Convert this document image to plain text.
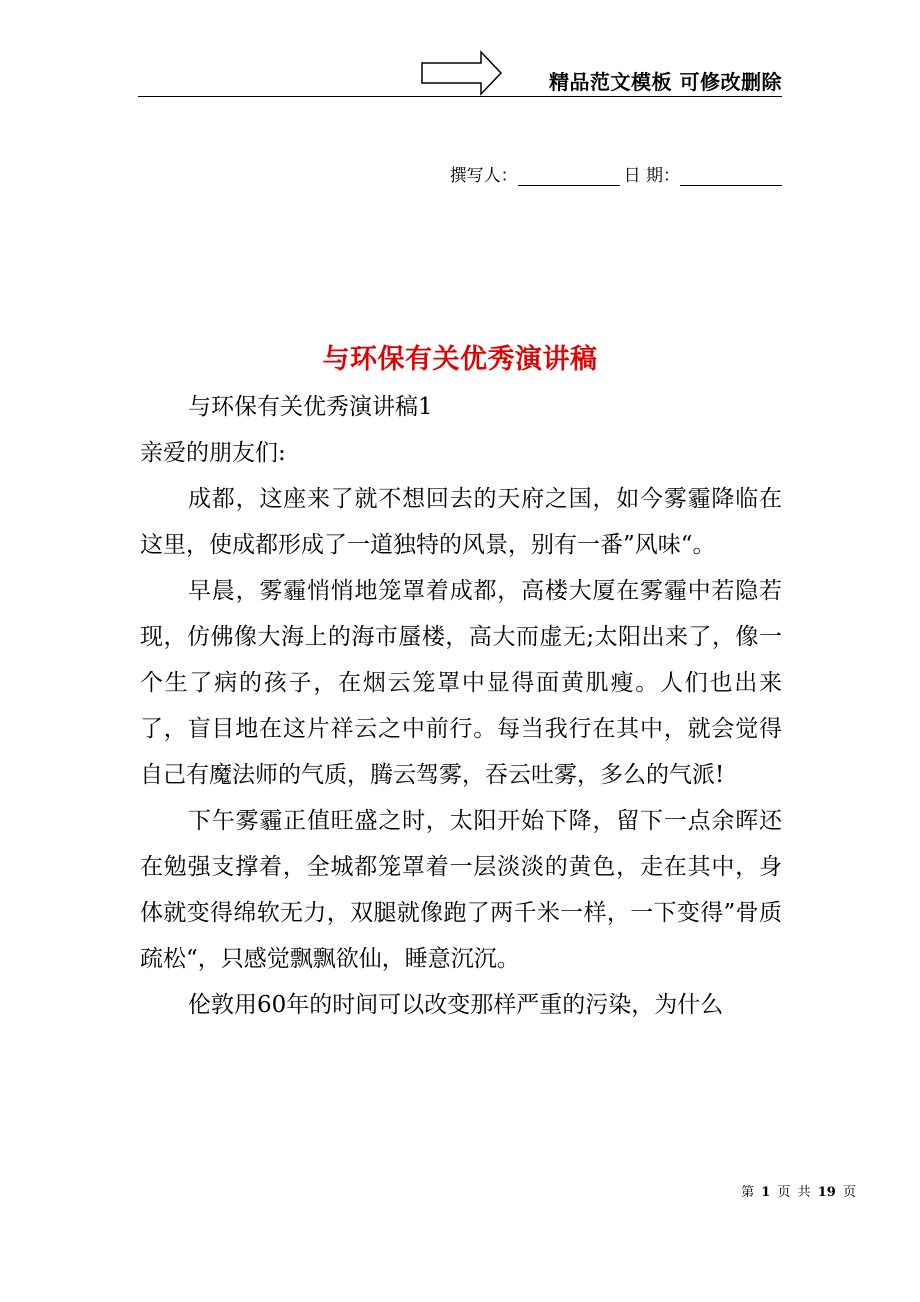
精品范文模板 可修改删除
撰写人：	日 期：
与环保有关优秀演讲稿

与环保有关优秀演讲稿1

亲爱的朋友们:

成都，这座来了就不想回去的天府之国，如今雾霾降临在这里，使成都形成了一道独特的风景，别有一番”风味“。

早晨，雾霾悄悄地笼罩着成都，高楼大厦在雾霾中若隐若现，仿佛像大海上的海市蜃楼，高大而虚无;太阳出来了，像一个生了病的孩子，在烟云笼罩中显得面黄肌瘦。人们也出来了，盲目地在这片祥云之中前行。每当我行在其中，就会觉得自己有魔法师的气质，腾云驾雾，吞云吐雾，多么的气派!

下午雾霾正值旺盛之时，太阳开始下降，留下一点余晖还在勉强支撑着，全城都笼罩着一层淡淡的黄色，走在其中，身体就变得绵软无力，双腿就像跑了两千米一样，一下变得”骨质疏松“，只感觉飘飘欲仙，睡意沉沉。

伦敦用60年的时间可以改变那样严重的污染，为什么

第 1 页 共 19 页
